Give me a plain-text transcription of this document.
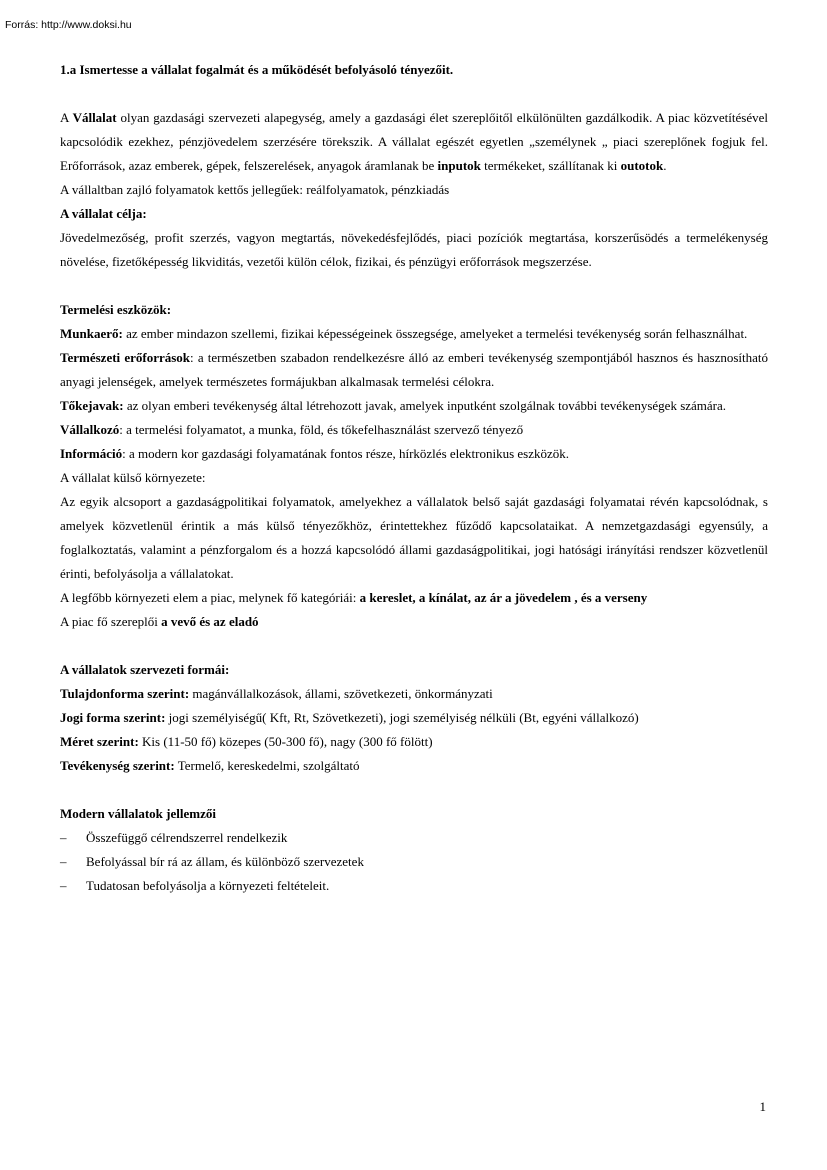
Forrás: http://www.doksi.hu
1.a Ismertesse a vállalat fogalmát és a működését befolyásoló tényezőit.

A Vállalat olyan gazdasági szervezeti alapegység, amely a gazdasági élet szereplőitől elkülönülten gazdálkodik. A piac közvetítésével kapcsolódik ezekhez, pénzjövedelem szerzésére törekszik. A vállalat egészét egyetlen „személynek „ piaci szereplőnek fogjuk fel. Erőforrások, azaz emberek, gépek, felszerelések, anyagok áramlanak be inputok termékeket, szállítanak ki outotok.

A vállaltban zajló folyamatok kettős jellegűek: reálfolyamatok, pénzkiadás

A vállalat célja:

Jövedelmezőség, profit szerzés, vagyon megtartás, növekedésfejlődés, piaci pozíciók megtartása, korszerűsödés a termelékenység növelése, fizetőképesség likviditás, vezetői külön célok, fizikai, és pénzügyi erőforrások megszerzése.

Termelési eszközök:

Munkaerő: az ember mindazon szellemi, fizikai képességeinek összegsége, amelyeket a termelési tevékenység során felhasználhat.

Természeti erőforrások: a természetben szabadon rendelkezésre álló az emberi tevékenység szempontjából hasznos és hasznosítható anyagi jelenségek, amelyek természetes formájukban alkalmasak termelési célokra.

Tőkejavak: az olyan emberi tevékenység által létrehozott javak, amelyek inputként szolgálnak további tevékenységek számára.

Vállalkozó: a termelési folyamatot, a munka, föld, és tőkefelhasználást szervező tényező

Információ: a modern kor gazdasági folyamatának fontos része, hírközlés elektronikus eszközök.

A vállalat külső környezete:

Az egyik alcsoport a gazdaságpolitikai folyamatok, amelyekhez a vállalatok belső saját gazdasági folyamatai révén kapcsolódnak, s amelyek közvetlenül érintik a más külső tényezőkhöz, érintettekhez fűződő kapcsolataikat. A nemzetgazdasági egyensúly, a foglalkoztatás, valamint a pénzforgalom és a hozzá kapcsolódó állami gazdaságpolitikai, jogi hatósági irányítási rendszer közvetlenül érinti, befolyásolja a vállalatokat.

A legfőbb környezeti elem a piac, melynek fő kategóriái: a kereslet, a kínálat, az ár a jövedelem , és a verseny

A piac fő szereplői a vevő és az eladó

A vállalatok szervezeti formái:

Tulajdonforma szerint: magánvállalkozások, állami, szövetkezeti, önkormányzati

Jogi forma szerint: jogi személyiségű( Kft, Rt, Szövetkezeti), jogi személyiség nélküli (Bt, egyéni vállalkozó)

Méret szerint: Kis (11-50 fő) közepes (50-300 fő), nagy (300 fő fölött)

Tevékenység szerint: Termelő, kereskedelmi, szolgáltató

Modern vállalatok jellemzői

– Összefüggő célrendszerrel rendelkezik
– Befolyással bír rá az állam, és különböző szervezetek
– Tudatosan befolyásolja a környezeti feltételeit.
1
